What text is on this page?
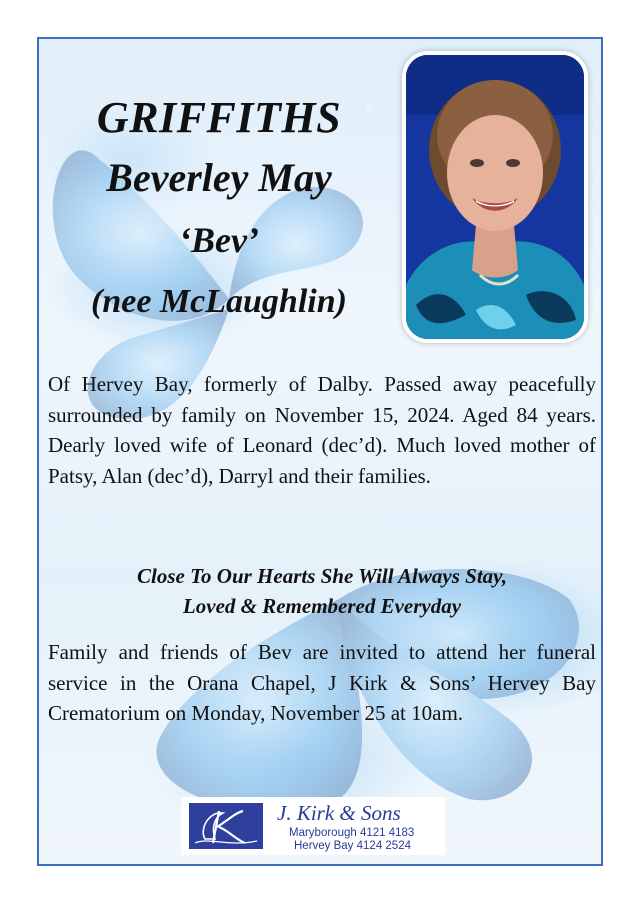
GRIFFITHS
Beverley May
‘Bev’
(nee McLaughlin)
Of Hervey Bay, formerly of Dalby. Passed away peacefully surrounded by family on November 15, 2024. Aged 84 years. Dearly loved wife of Leonard (dec’d). Much loved mother of Patsy, Alan (dec’d), Darryl and their families.
Close To Our Hearts She Will Always Stay,
Loved & Remembered Everyday
Family and friends of Bev are invited to attend her funeral service in the Orana Chapel, J Kirk & Sons’ Hervey Bay Crematorium on Monday, November 25 at 10am.
J. Kirk & Sons
Maryborough 4121 4183
Hervey Bay 4124 2524
